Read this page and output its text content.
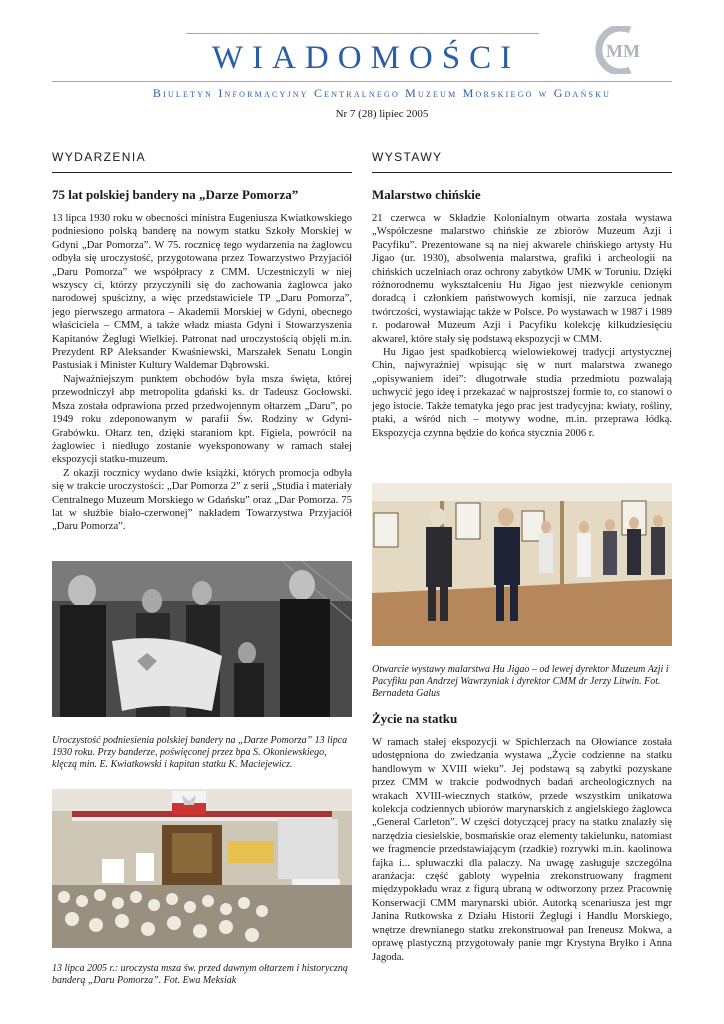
WIADOMOŚCI	MM
Biuletyn Informacyjny Centralnego Muzeum Morskiego w Gdańsku
Nr 7 (28) lipiec 2005
WYDARZENIA
75 lat polskiej bandery na „Darze Pomorza”

13 lipca 1930 roku w obecności ministra Eugeniusza Kwiatkowskiego podniesiono polską banderę na nowym statku Szkoły Morskiej w Gdyni „Dar Pomorza”. W 75. rocznicę tego wydarzenia na żaglowcu odbyła się uroczystość, przygotowana przez Towarzystwo Przyjaciół „Daru Pomorza” we współpracy z CMM. Uczestniczyli w niej wszyscy ci, którzy przyczynili się do zachowania żaglowca jako narodowej spuścizny, a więc przedstawiciele TP „Daru Pomorza”, jego pierwszego armatora – Akademii Morskiej w Gdyni, obecnego właściciela – CMM, a także władz miasta Gdyni i Stowarzyszenia Kapitanów Żeglugi Wielkiej. Patronat nad uroczystością objęli m.in. Prezydent RP Aleksander Kwaśniewski, Marszałek Senatu Longin Pastusiak i Minister Kultury Waldemar Dąbrowski.

Najważniejszym punktem obchodów była msza święta, której przewodniczył abp metropolita gdański ks. dr Tadeusz Gocłowski. Msza została odprawiona przed przedwojennym ołtarzem „Daru”, po 1949 roku zdeponowanym w parafii Św. Rodziny w Gdyni-Grabówku. Ołtarz ten, dzięki staraniom kpt. Figiela, powrócił na żaglowiec i niedługo zostanie wyeksponowany w ramach stałej ekspozycji statku-muzeum.

Z okazji rocznicy wydano dwie książki, których promocja odbyła się w trakcie uroczystości: „Dar Pomorza 2” z serii „Studia i materiały Centralnego Muzeum Morskiego w Gdańsku” oraz „Dar Pomorza. 75 lat w służbie biało-czerwonej” nakładem Towarzystwa Przyjaciół „Daru Pomorza”.

Uroczystość podniesienia polskiej bandery na „Darze Pomorza” 13 lipca 1930 roku. Przy banderze, poświęconej przez bpa S. Okoniewskiego, klęczą min. E. Kwiatkowski i kapitan statku K. Maciejewicz.
13 lipca 2005 r.: uroczysta msza św. przed dawnym ołtarzem i historyczną banderą „Daru Pomorza”. Fot. Ewa Meksiak
WYSTAWY
Malarstwo chińskie

21 czerwca w Składzie Kolonialnym otwarta została wystawa „Współczesne malarstwo chińskie ze zbiorów Muzeum Azji i Pacyfiku”. Prezentowane są na niej akwarele chińskiego artysty Hu Jigao (ur. 1930), absolwenta malarstwa, grafiki i archeologii na chińskich uczelniach oraz ochrony zabytków UMK w Toruniu. Dzięki różnorodnemu wykształceniu Hu Jigao jest niezwykle cenionym doradcą i członkiem państwowych komisji, nie zarzuca jednak twórczości, wystawiając także w Polsce. Po wystawach w 1987 i 1989 r. podarował Muzeum Azji i Pacyfiku kolekcję kilkudziesięciu akwarel, które stały się podstawą ekspozycji w CMM.

Hu Jigao jest spadkobiercą wielowiekowej tradycji artystycznej Chin, najwyraźniej wpisując się w nurt malarstwa zwanego „opisywaniem idei”: długotrwałe studia przedmiotu pozwalają uchwycić jego ideę i przekazać w najprostszej formie to, co stanowi o jego istocie. Także tematyka jego prac jest tradycyjna: kwiaty, rośliny, ptaki, a wśród nich – motywy wodne, m.in. przeprawa łódką. Ekspozycja czynna będzie do końca stycznia 2006 r.

Otwarcie wystawy malarstwa Hu Jigao – od lewej dyrektor Muzeum Azji i Pacyfiku pan Andrzej Wawrzyniak i dyrektor CMM dr Jerzy Litwin. Fot. Bernadeta Galus
Życie na statku

W ramach stałej ekspozycji w Spichlerzach na Ołowiance została udostępniona do zwiedzania wystawa „Życie codzienne na statku handlowym w XVIII wieku”. Jej podstawą są zabytki pozyskane przez CMM w trakcie podwodnych badań archeologicznych na wrakach XVIII-wiecznych statków, przede wszystkim unikatowa kolekcja codziennych ubiorów marynarskich z angielskiego żaglowca „General Carleton”. W części dotyczącej pracy na statku znalazły się narzędzia ciesielskie, bosmańskie oraz elementy takielunku, natomiast we fragmencie przedstawiającym (rzadkie) rozrywki m.in. kaolinowa fajka i... spluwaczki dla palaczy. Na uwagę zasługuje szczególna aranżacja: część gabloty wypełnia zrekonstruowany fragment międzypokładu wraz z figurą ubraną w odtworzony przez Pracownię Konserwacji CMM marynarski ubiór. Autorką scenariusza jest mgr Janina Rutkowska z Działu Historii Żeglugi i Handlu Morskiego, wnętrze drewnianego statku zrekonstruował pan Ireneusz Mokwa, a oprawę plastyczną przygotowały panie mgr Krystyna Bryłko i Anna Jagoda.
